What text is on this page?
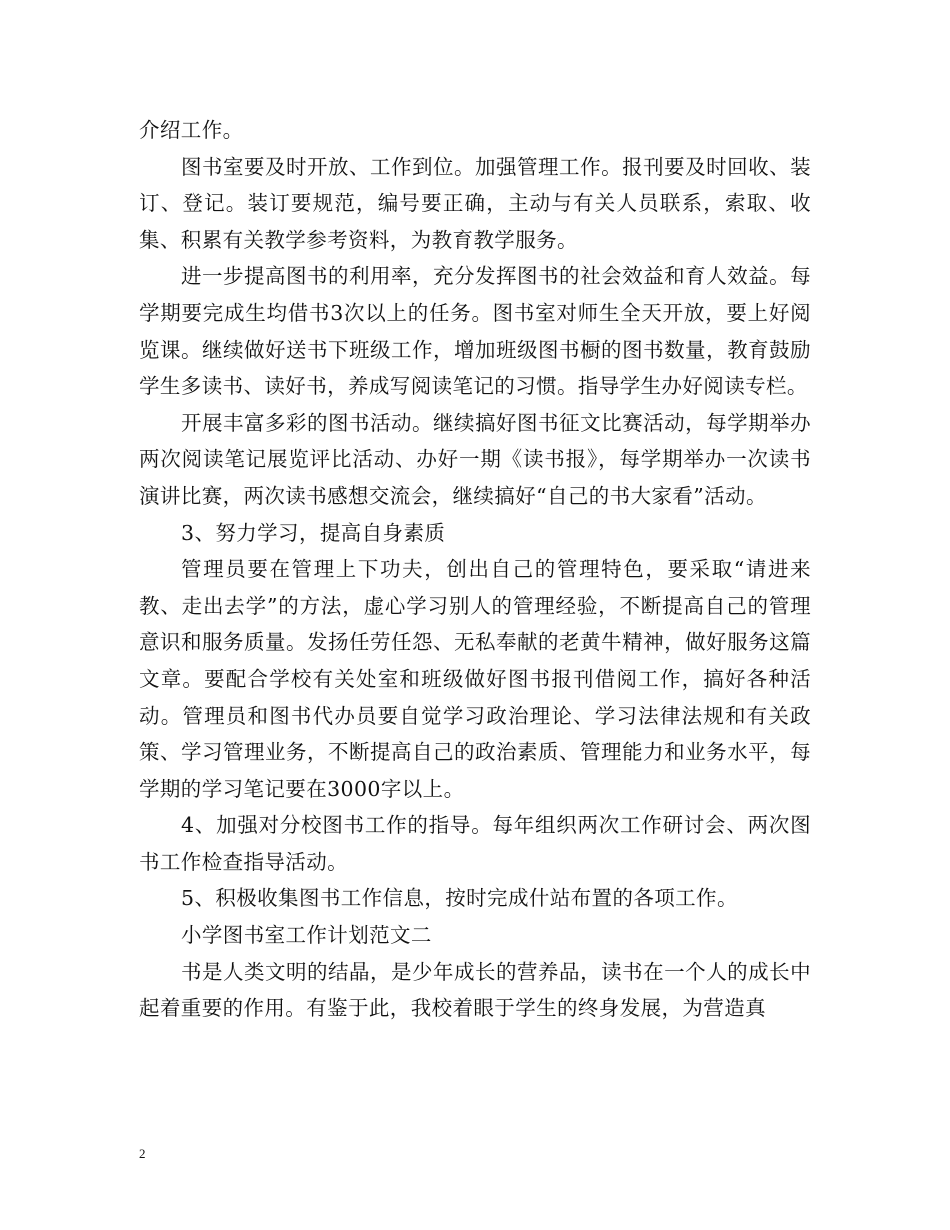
介绍工作。

图书室要及时开放、工作到位。加强管理工作。报刊要及时回收、装订、登记。装订要规范，编号要正确，主动与有关人员联系，索取、收集、积累有关教学参考资料，为教育教学服务。

进一步提高图书的利用率，充分发挥图书的社会效益和育人效益。每学期要完成生均借书3次以上的任务。图书室对师生全天开放，要上好阅览课。继续做好送书下班级工作，增加班级图书橱的图书数量，教育鼓励学生多读书、读好书，养成写阅读笔记的习惯。指导学生办好阅读专栏。

开展丰富多彩的图书活动。继续搞好图书征文比赛活动，每学期举办两次阅读笔记展览评比活动、办好一期《读书报》，每学期举办一次读书演讲比赛，两次读书感想交流会，继续搞好“自己的书大家看”活动。

3、努力学习，提高自身素质

管理员要在管理上下功夫，创出自己的管理特色，要采取“请进来教、走出去学”的方法，虚心学习别人的管理经验，不断提高自己的管理意识和服务质量。发扬任劳任怨、无私奉献的老黄牛精神，做好服务这篇文章。要配合学校有关处室和班级做好图书报刊借阅工作，搞好各种活动。管理员和图书代办员要自觉学习政治理论、学习法律法规和有关政策、学习管理业务，不断提高自己的政治素质、管理能力和业务水平，每学期的学习笔记要在3000字以上。

4、加强对分校图书工作的指导。每年组织两次工作研讨会、两次图书工作检查指导活动。

5、积极收集图书工作信息，按时完成什站布置的各项工作。

小学图书室工作计划范文二

书是人类文明的结晶，是少年成长的营养品，读书在一个人的成长中起着重要的作用。有鉴于此，我校着眼于学生的终身发展，为营造真

2
